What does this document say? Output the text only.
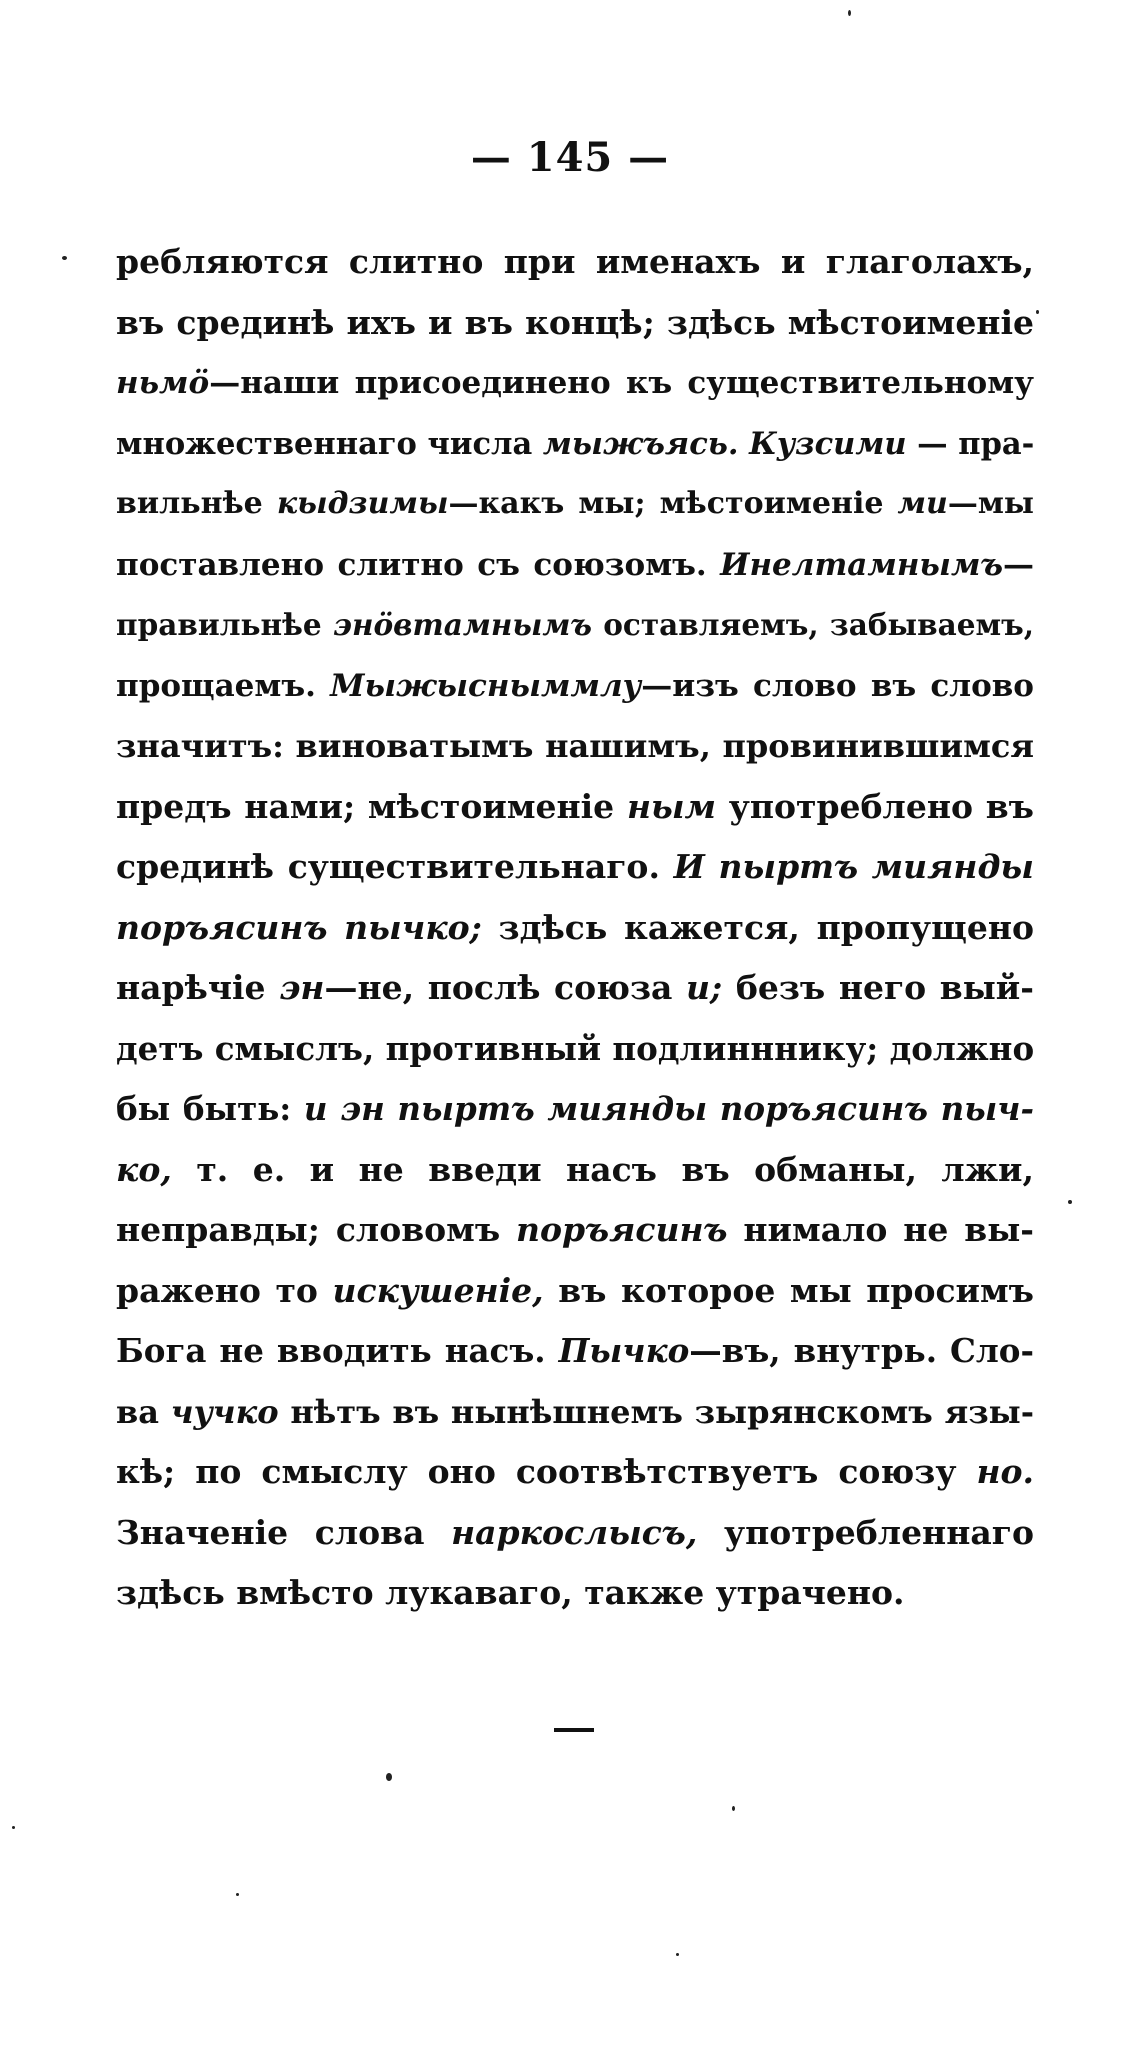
— 145 —
ребляются слитно при именахъ и глаголахъ,
въ срединѣ ихъ и въ концѣ; здѣсь мѣстоименіе
ньмö—наши присоединено къ существительному
множественнаго числа мыжъясь. Кузсими — пра-
вильнѣе кыдзимы—какъ мы; мѣстоименіе ми—мы
поставлено слитно съ союзомъ. Инелтамнымъ—
правильнѣе энöвтамнымъ оставляемъ, забываемъ,
прощаемъ. Мыжысныммлу—изъ слово въ слово
значитъ: виноватымъ нашимъ, провинившимся
предъ нами; мѣстоименіе ным употреблено въ
срединѣ существительнаго. И пыртъ миянды
поръясинъ пычко; здѣсь кажется, пропущено
нарѣчіе эн—не, послѣ союза и; безъ него вый-
детъ смыслъ, противный подлинннику; должно
бы быть: и эн пыртъ миянды поръясинъ пыч-
ко, т. е. и не введи насъ въ обманы, лжи,
неправды; словомъ поръясинъ нимало не вы-
ражено то искушеніе, въ которое мы просимъ
Бога не вводить насъ. Пычко—въ, внутрь. Сло-
ва чучко нѣтъ въ нынѣшнемъ зырянскомъ язы-
кѣ; по смыслу оно соотвѣтствуетъ союзу но.
Значеніе слова наркослысъ, употребленнаго
здѣсь вмѣсто лукаваго, также утрачено.
